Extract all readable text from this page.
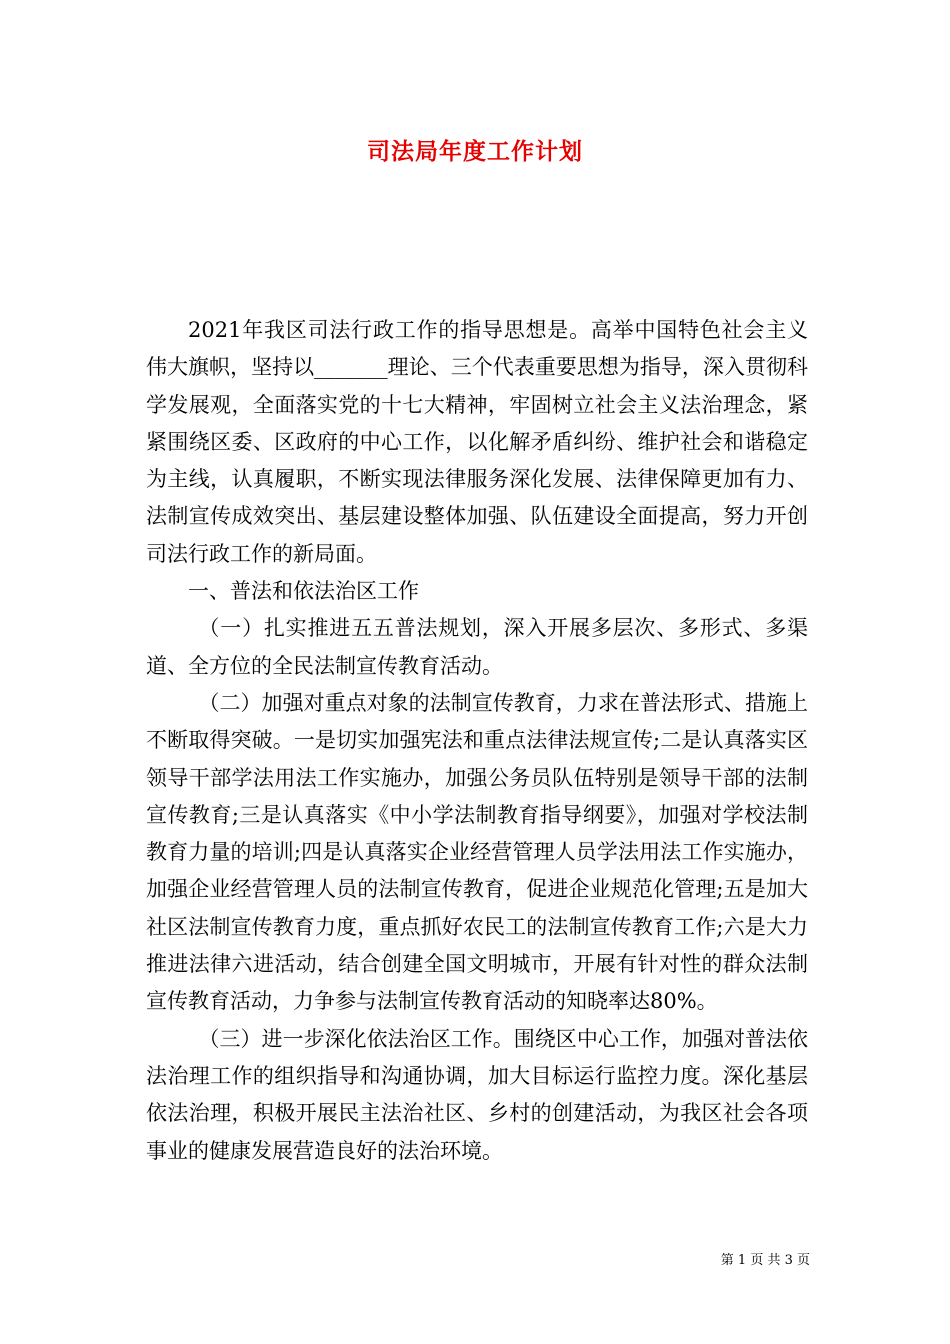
司法局年度工作计划

2021年我区司法行政工作的指导思想是。高举中国特色社会主义伟大旗帜，坚持以_______理论、三个代表重要思想为指导，深入贯彻科学发展观，全面落实党的十七大精神，牢固树立社会主义法治理念，紧紧围绕区委、区政府的中心工作，以化解矛盾纠纷、维护社会和谐稳定为主线，认真履职，不断实现法律服务深化发展、法律保障更加有力、法制宣传成效突出、基层建设整体加强、队伍建设全面提高，努力开创司法行政工作的新局面。

一、普法和依法治区工作

（一）扎实推进五五普法规划，深入开展多层次、多形式、多渠道、全方位的全民法制宣传教育活动。

（二）加强对重点对象的法制宣传教育，力求在普法形式、措施上不断取得突破。一是切实加强宪法和重点法律法规宣传;二是认真落实区领导干部学法用法工作实施办，加强公务员队伍特别是领导干部的法制宣传教育;三是认真落实《中小学法制教育指导纲要》，加强对学校法制教育力量的培训;四是认真落实企业经营管理人员学法用法工作实施办，加强企业经营管理人员的法制宣传教育，促进企业规范化管理;五是加大社区法制宣传教育力度，重点抓好农民工的法制宣传教育工作;六是大力推进法律六进活动，结合创建全国文明城市，开展有针对性的群众法制宣传教育活动，力争参与法制宣传教育活动的知晓率达80%。

（三）进一步深化依法治区工作。围绕区中心工作，加强对普法依法治理工作的组织指导和沟通协调，加大目标运行监控力度。深化基层依法治理，积极开展民主法治社区、乡村的创建活动，为我区社会各项事业的健康发展营造良好的法治环境。

第 1 页 共 3 页
